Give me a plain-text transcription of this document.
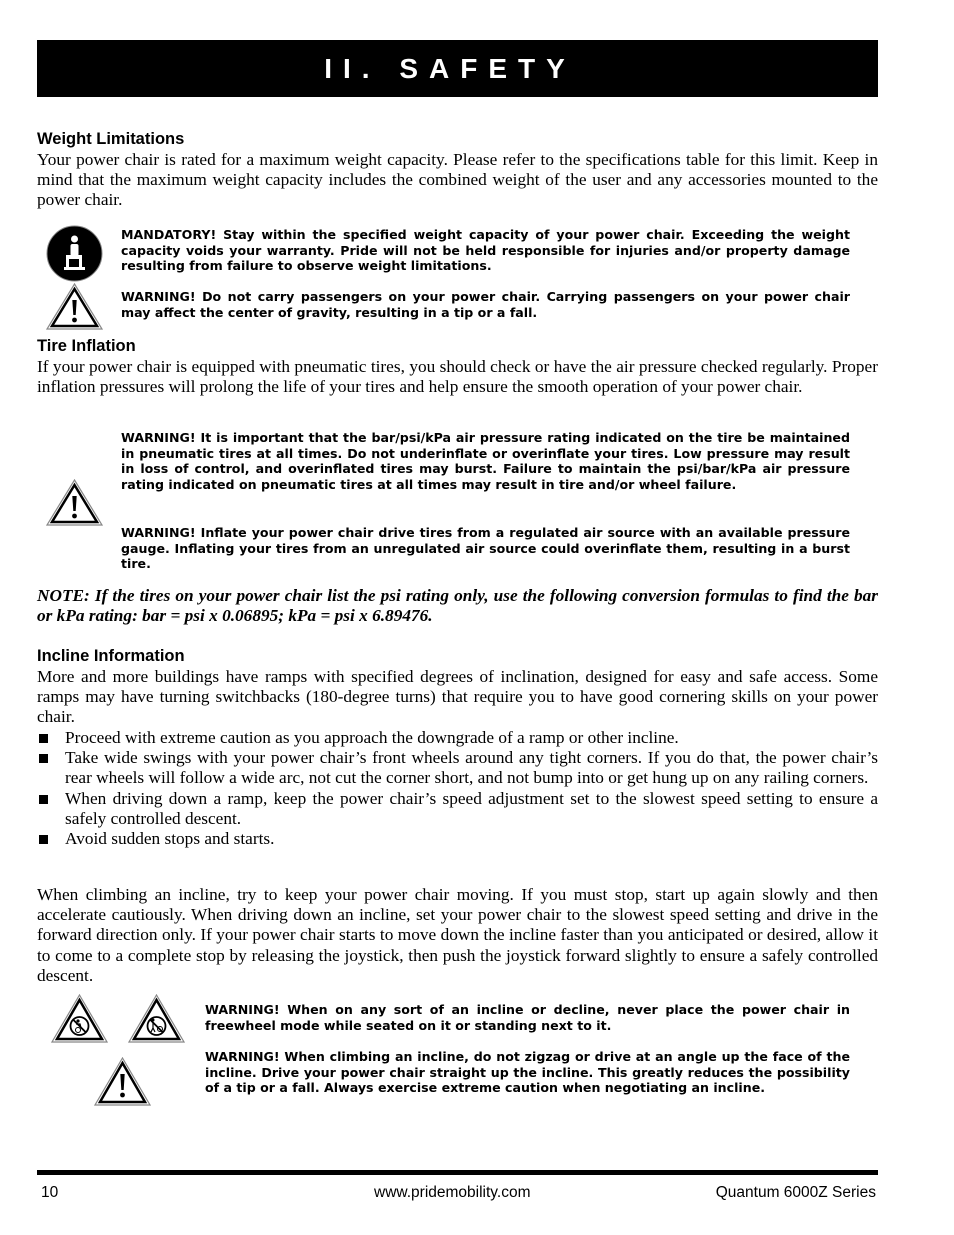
II. SAFETY
Weight Limitations
Your power chair is rated for a maximum weight capacity. Please refer to the specifications table for this limit. Keep in mind that the maximum weight capacity includes the combined weight of the user and any accessories mounted to the power chair.
MANDATORY! Stay within the specified weight capacity of your power chair. Exceeding the weight capacity voids your warranty. Pride will not be held responsible for injuries and/or property damage resulting from failure to observe weight limitations.
WARNING! Do not carry passengers on your power chair. Carrying passengers on your power chair may affect the center of gravity, resulting in a tip or a fall.
Tire Inflation
If your power chair is equipped with pneumatic tires, you should check or have the air pressure checked regularly. Proper inflation pressures will prolong the life of your tires and help ensure the smooth operation of your power chair.
WARNING! It is important that the bar/psi/kPa air pressure rating indicated on the tire be maintained in pneumatic tires at all times. Do not underinflate or overinflate your tires. Low pressure may result in loss of control, and overinflated tires may burst. Failure to maintain the psi/bar/kPa air pressure rating indicated on pneumatic tires at all times may result in tire and/or wheel failure.
WARNING! Inflate your power chair drive tires from a regulated air source with an available pressure gauge. Inflating your tires from an unregulated air source could overinflate them, resulting in a burst tire.
NOTE: If the tires on your power chair list the psi rating only, use the following conversion formulas to find the bar or kPa rating: bar = psi x 0.06895; kPa = psi x 6.89476.
Incline Information
More and more buildings have ramps with specified degrees of inclination, designed for easy and safe access. Some ramps may have turning switchbacks (180-degree turns) that require you to have good cornering skills on your power chair.
Proceed with extreme caution as you approach the downgrade of a ramp or other incline.
Take wide swings with your power chair’s front wheels around any tight corners. If you do that, the power chair’s rear wheels will follow a wide arc, not cut the corner short, and not bump into or get hung up on any railing corners.
When driving down a ramp, keep the power chair’s speed adjustment set to the slowest speed setting to ensure a safely controlled descent.
Avoid sudden stops and starts.
When climbing an incline, try to keep your power chair moving. If you must stop, start up again slowly and then accelerate cautiously. When driving down an incline, set your power chair to the slowest speed setting and drive in the forward direction only. If your power chair starts to move down the incline faster than you anticipated or desired, allow it to come to a complete stop by releasing the joystick, then push the joystick forward slightly to ensure a safely controlled descent.
WARNING! When on any sort of an incline or decline, never place the power chair in freewheel mode while seated on it or standing next to it.
WARNING! When climbing an incline, do not zigzag or drive at an angle up the face of the incline. Drive your power chair straight up the incline. This greatly reduces the possibility of a tip or a fall. Always exercise extreme caution when negotiating an incline.
10	www.pridemobility.com	Quantum 6000Z Series
